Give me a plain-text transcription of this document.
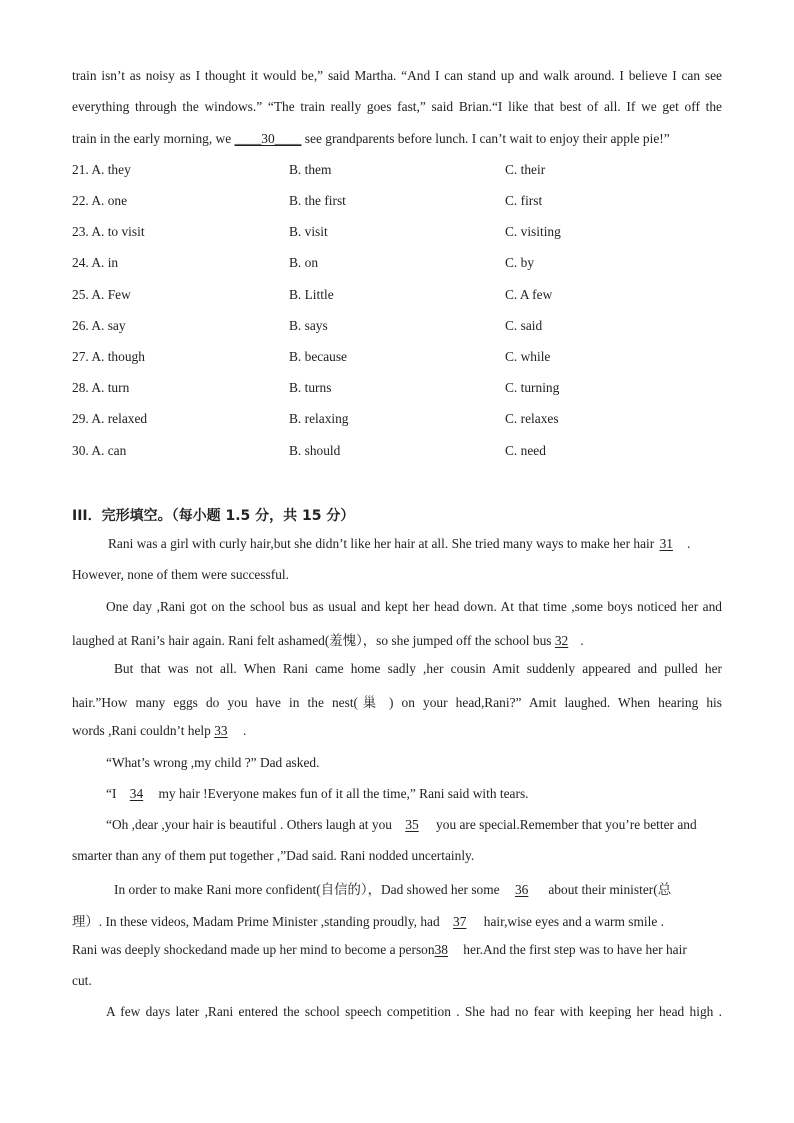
train isn’t as noisy as I thought it would be,” said Martha. “And I can stand up and walk around. I believe I can see
everything through the windows.” “The train really goes fast,” said Brian.“I like that best of all. If we get off the
train in the early morning, we ____30____ see grandparents before lunch. I can’t wait to enjoy their apple pie!”
21. A. they	B. them	C. their
22. A. one	B. the first	C. first
23. A. to visit	B. visit	C. visiting
24. A. in	B. on	C. by
25. A. Few	B. Little	C. A few
26. A. say	B. says	C. said
27. A. though	B. because	C. while
28. A. turn	B. turns	C. turning
29. A. relaxed	B. relaxing	C. relaxes
30. A. can	B. should	C. need
III．完形填空。（每小题 1.5 分，共 15 分）
Rani was a girl with curly hair,but she didn’t like her hair at all. She tried many ways to make her hair 31 .
However, none of them were successful.
One day ,Rani got on the school bus as usual and kept her head down. At that time ,some boys noticed her and
laughed at Rani’s hair again. Rani felt ashamed(羞愧），so she jumped off the school bus 32 .
But that was not all. When Rani came home sadly ,her cousin Amit suddenly appeared and pulled her
hair.”How many eggs do you have in the nest(巢 ) on your head,Rani?” Amit laughed. When hearing his
words ,Rani couldn’t help 33 .
“What’s wrong ,my child ?” Dad asked.
“I 34 my hair !Everyone makes fun of it all the time,” Rani said with tears.
“Oh ,dear ,your hair is beautiful . Others laugh at you 35 you are special.Remember that you’re better and
smarter than any of them put together ,”Dad said. Rani nodded uncertainly.
In order to make Rani more confident(自信的），Dad showed her some 36 about their minister(总
理）. In these videos, Madam Prime Minister ,standing proudly, had 37 hair,wise eyes and a warm smile .
Rani was deeply shockedand made up her mind to become a person38 her.And the first step was to have her hair
cut.
A few days later ,Rani entered the school speech competition . She had no fear with keeping her head high .
